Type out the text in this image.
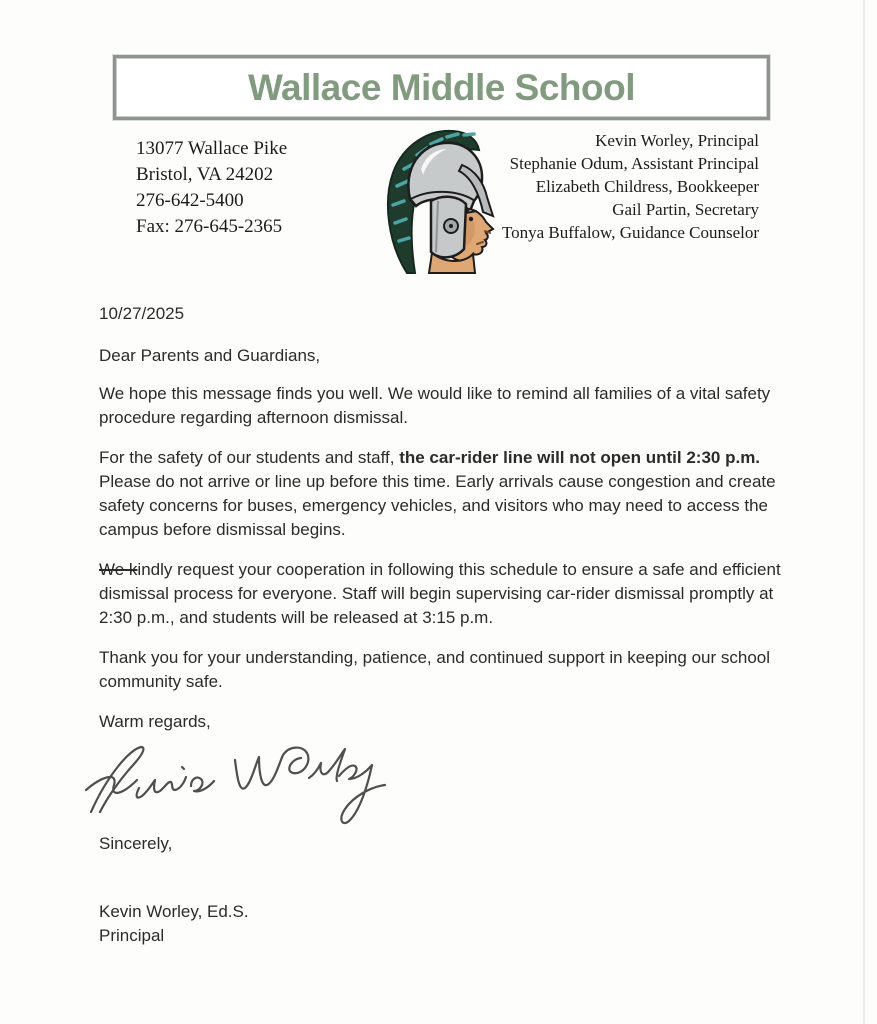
Wallace Middle School
13077 Wallace Pike
Bristol, VA 24202
276-642-5400
Fax: 276-645-2365
Kevin Worley, Principal
Stephanie Odum, Assistant Principal
Elizabeth Childress, Bookkeeper
Gail Partin, Secretary
Tonya Buffalow, Guidance Counselor
10/27/2025
Dear Parents and Guardians,

We hope this message finds you well. We would like to remind all families of a vital safety procedure regarding afternoon dismissal.

For the safety of our students and staff, the car-rider line will not open until 2:30 p.m. Please do not arrive or line up before this time. Early arrivals cause congestion and create safety concerns for buses, emergency vehicles, and visitors who may need to access the campus before dismissal begins.

We kindly request your cooperation in following this schedule to ensure a safe and efficient dismissal process for everyone. Staff will begin supervising car-rider dismissal promptly at 2:30 p.m., and students will be released at 3:15 p.m.

Thank you for your understanding, patience, and continued support in keeping our school community safe.

Warm regards,
Sincerely,
Kevin Worley, Ed.S.
Principal
